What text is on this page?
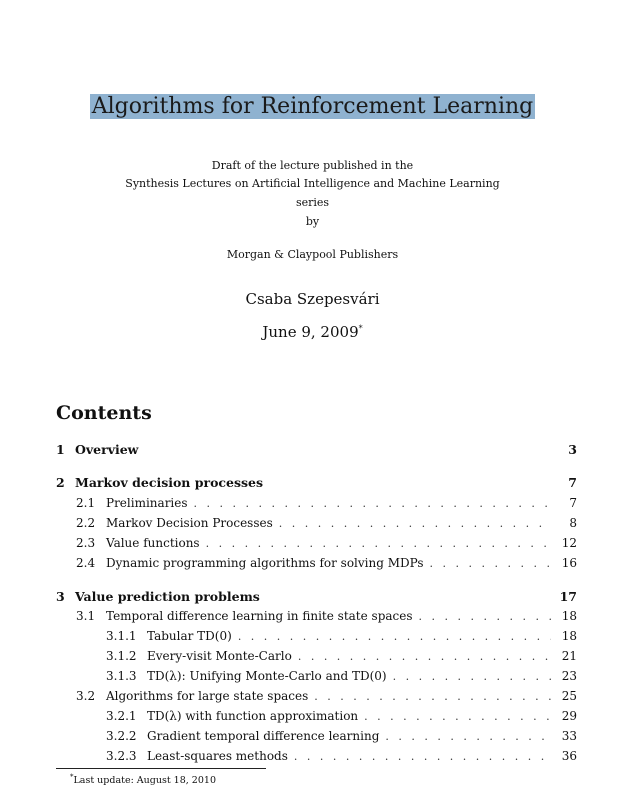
Algorithms for Reinforcement Learning
Draft of the lecture published in the
Synthesis Lectures on Artificial Intelligence and Machine Learning
series
by
Morgan & Claypool Publishers
Csaba Szepesvári
June 9, 2009*
Contents
1 Overview	3
2 Markov decision processes	7
2.1 Preliminaries . . .	7
2.2 Markov Decision Processes . . .	8
2.3 Value functions . . .	12
2.4 Dynamic programming algorithms for solving MDPs . . .	16
3 Value prediction problems	17
3.1 Temporal difference learning in finite state spaces . . .	18
3.1.1 Tabular TD(0) . . .	18
3.1.2 Every-visit Monte-Carlo . . .	21
3.1.3 TD(λ): Unifying Monte-Carlo and TD(0) . . .	23
3.2 Algorithms for large state spaces . . .	25
3.2.1 TD(λ) with function approximation . . .	29
3.2.2 Gradient temporal difference learning . . .	33
3.2.3 Least-squares methods . . .	36
*Last update: August 18, 2010
